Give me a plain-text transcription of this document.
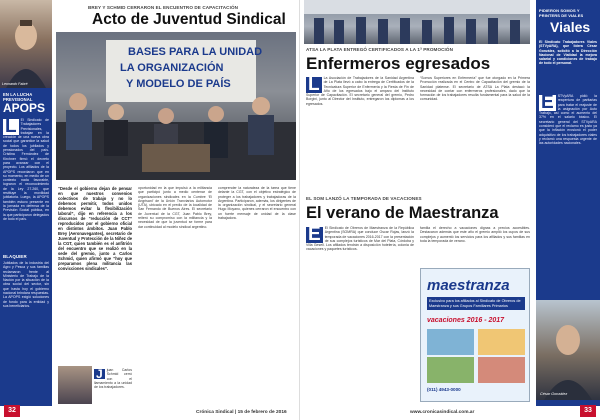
Leonardo Fabré
EN LA LUCHA PREVISIONAL
APOPS
L	El Sindicato de Trabajadores Previsionales, trabajan en la creación de una nueva obra social que garantice la salud de todos los jubilados y pensionados del país. Cristina Fernández de Kirchner firmó el decreto para avanzar con el proyecto. Los afiliados de la APOPS recordaron que en su momento, en medio de un contexto nada favorable, lograron el reconocimiento de la Ley 27.260, que restituye la movilidad jubilatoria. Luego, la APOPS también estuvo presente en la jornada en defensa de la Previsión Social pública, en la que participaron delegados de todo el país.
BLAQUIER
Jubilados de la industria del Agro y Pesca y sus familias reclamaron frente al Ministerio de Trabajo de la Nación por la situación de la obra social del sector, sin que hasta hoy el gobierno nacional brindara respuestas. La APOPS exigió soluciones de fondo para la entidad y sus beneficiarios.
BREY Y SCHMID CERRARON EL ENCUENTRO DE CAPACITACIÓN
Acto de Juventud Sindical
BASES PARA LA UNIDAD
LA ORGANIZACIÓN
Y MODELO DE PAÍS
“Desde el gobierno dejan de pensar en que nuestros convenios colectivos de trabajo y no lo debemos permitir, todos unidos debemos evitar la flexibilización laboral”, dijo en referencia a los discursos de “reducción de CCT” reproducidos por el gobierno oficial en distintos ámbitos. Juan Pablo Brey (Aeronavegantes), secretario de Juventud y Protección de la Niñez de la CGT, quien también es el anfitrión del encuentro que se realizó en la sede del gremio, junto a Carlos Schmid, quien afirmó que “hoy que preparamos plena militancia las convicciones sindicales”.
J	juan Carlos Schmid cerró con el llamamiento a la unidad de los trabajadores.
oportunidad en la que impulsó a la militancia que participó junto a medio centenar de organizaciones sindicales en la Cumbre ‘El Angrisani’ de la Unión Tranviarios Automotor (UTA), ubicado en el predio de la localidad de San Fernando de Buenos Aires. El secretario de Juventud de la CGT, Juan Pablo Brey, reiteró su compromiso con la militancia y la necesidad de que la juventud se forme para dar continuidad al modelo sindical argentino.
comprender la naturaleza de la tarea que tiene delante la CGT, con el objetivo estratégico de proteger a los trabajadores y trabajadoras de la Argentina. Participaron, además, los dirigentes de la organización sindical, y el secretario general Hugo Moyano, quienes cerraron el encuentro con un fuerte mensaje de unidad de la clase trabajadora.
32	Crónica Sindical | 15 de febrero de 2016
ATSA LA PLATA ENTREGÓ CERTIFICADOS A LA 1ª PROMOCIÓN
Enfermeros egresados
L	La Asociación de Trabajadores de la Sanidad Argentina de La Plata llevó a cabo la entrega de Certificados de la Tecnicatura Superior de Enfermería y la Fiesta de Fin de Año de los egresados bajo el amparo del Instituto Superior de Capacitación. El secretario general del gremio, Pedro Borgini, junto al Director del Instituto, entregaron los diplomas a los egresados.
“Somos Superiores en Enfermería” que fue otorgado en la Primera Promoción realizada en el Centro de Capacitación del gremio de la Sanidad platense. El secretario de ATSA La Plata destacó la necesidad de contar con enfermeros profesionales, dado que la formación de los trabajadores resulta fundamental para la salud de la comunidad.
EL SOM LANZÓ LA TEMPORADA DE VACACIONES
El verano de Maestranza
E	El Sindicato de Obreros de Maestranza de la República Argentina (SOMRA) que conduce Oscar Rojas, lanzó la temporada de vacaciones 2016-2017 con la presentación de sus complejos turísticos de Mar del Plata, Córdoba y Villa Gesell. Los afiliados tendrán a disposición hotelería, colonia de vacaciones y paquetes turísticos.
familia el derecho a vacaciones dignas a precios accesibles. Destacaron además que este año el gremio amplió los cupos de sus complejos y aumentó los servicios para los afiliados y sus familias en toda la temporada de verano.
maestranza
Exclusivo para los afiliados al Sindicato de Obreros de Maestranza y sus Grupos Familiares Primarios
vacaciones 2016 - 2017
(011) 4943-0000
PIDIERON SOMOS Y PRINTERS DE VIALES
Viales
El Sindicato Trabajadores Viales (STVyARA), que lidera César González, solicitó a la Dirección Nacional de Vialidad la mejora salarial y condiciones de trabajo de todo el personal.
E	STVyARA pidió la reapertura de paritarias para tratar el reajuste de la asignación por Auto Trabajo, así como el aumento del 37% en el salario básico. El secretario general del STVyARA consideró que el reclamo es justo ya que la inflación erosionó el poder adquisitivo de los trabajadores viales y reclamó una respuesta urgente de las autoridades nacionales.
César González
www.cronicasindical.com.ar	33
